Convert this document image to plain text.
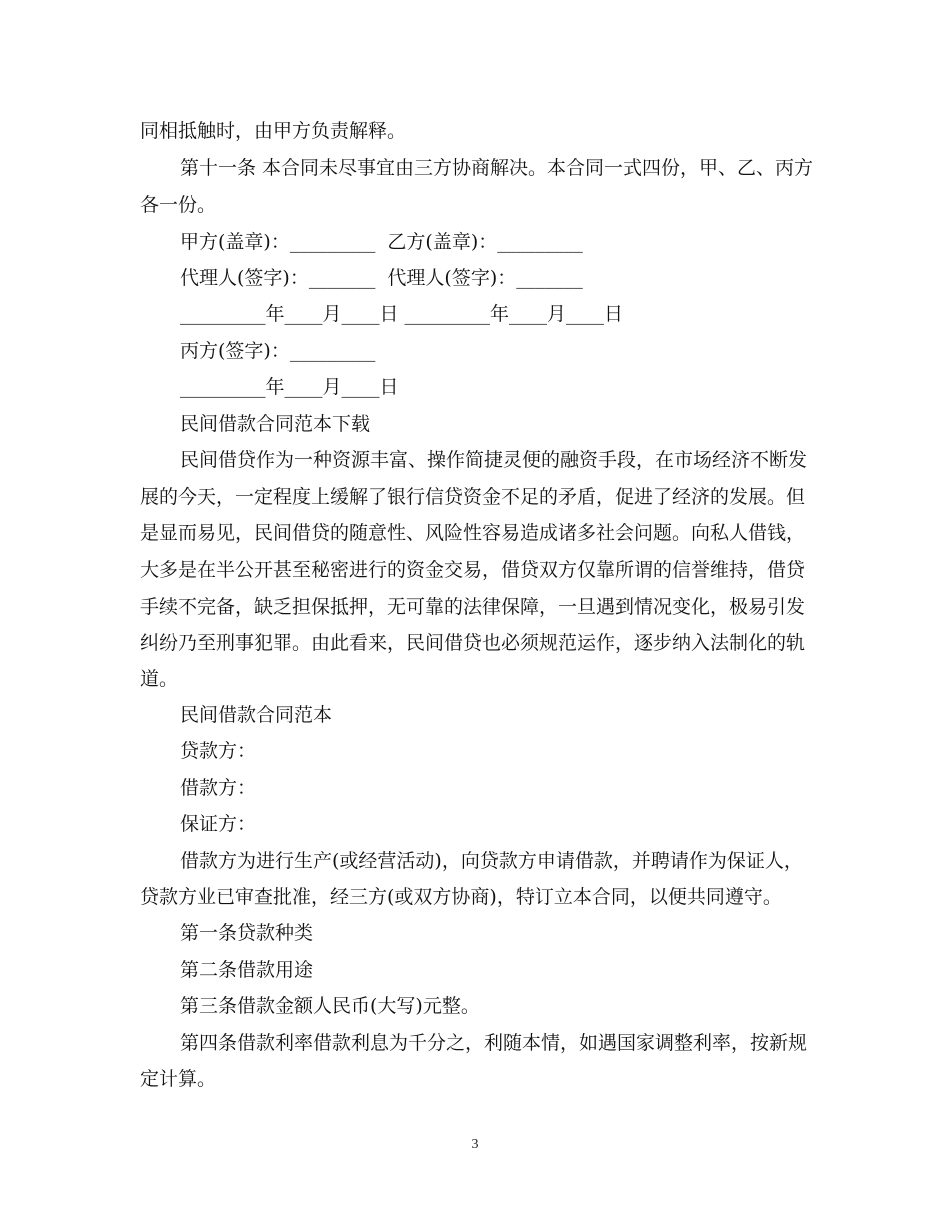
同相抵触时，由甲方负责解释。
第十一条 本合同未尽事宜由三方协商解决。本合同一式四份，甲、乙、丙方
各一份。
甲方(盖章)：_________  乙方(盖章)：_________
代理人(签字)：_______  代理人(签字)：_______
_________年____月____日 _________年____月____日
丙方(签字)：_________
_________年____月____日
民间借款合同范本下载
民间借贷作为一种资源丰富、操作简捷灵便的融资手段，在市场经济不断发
展的今天，一定程度上缓解了银行信贷资金不足的矛盾，促进了经济的发展。但
是显而易见，民间借贷的随意性、风险性容易造成诸多社会问题。向私人借钱，
大多是在半公开甚至秘密进行的资金交易，借贷双方仅靠所谓的信誉维持，借贷
手续不完备，缺乏担保抵押，无可靠的法律保障，一旦遇到情况变化，极易引发
纠纷乃至刑事犯罪。由此看来，民间借贷也必须规范运作，逐步纳入法制化的轨
道。
民间借款合同范本
贷款方：
借款方：
保证方：
借款方为进行生产(或经营活动)，向贷款方申请借款，并聘请作为保证人，
贷款方业已审查批准，经三方(或双方协商)，特订立本合同，以便共同遵守。
第一条贷款种类
第二条借款用途
第三条借款金额人民币(大写)元整。
第四条借款利率借款利息为千分之，利随本情，如遇国家调整利率，按新规
定计算。
3
